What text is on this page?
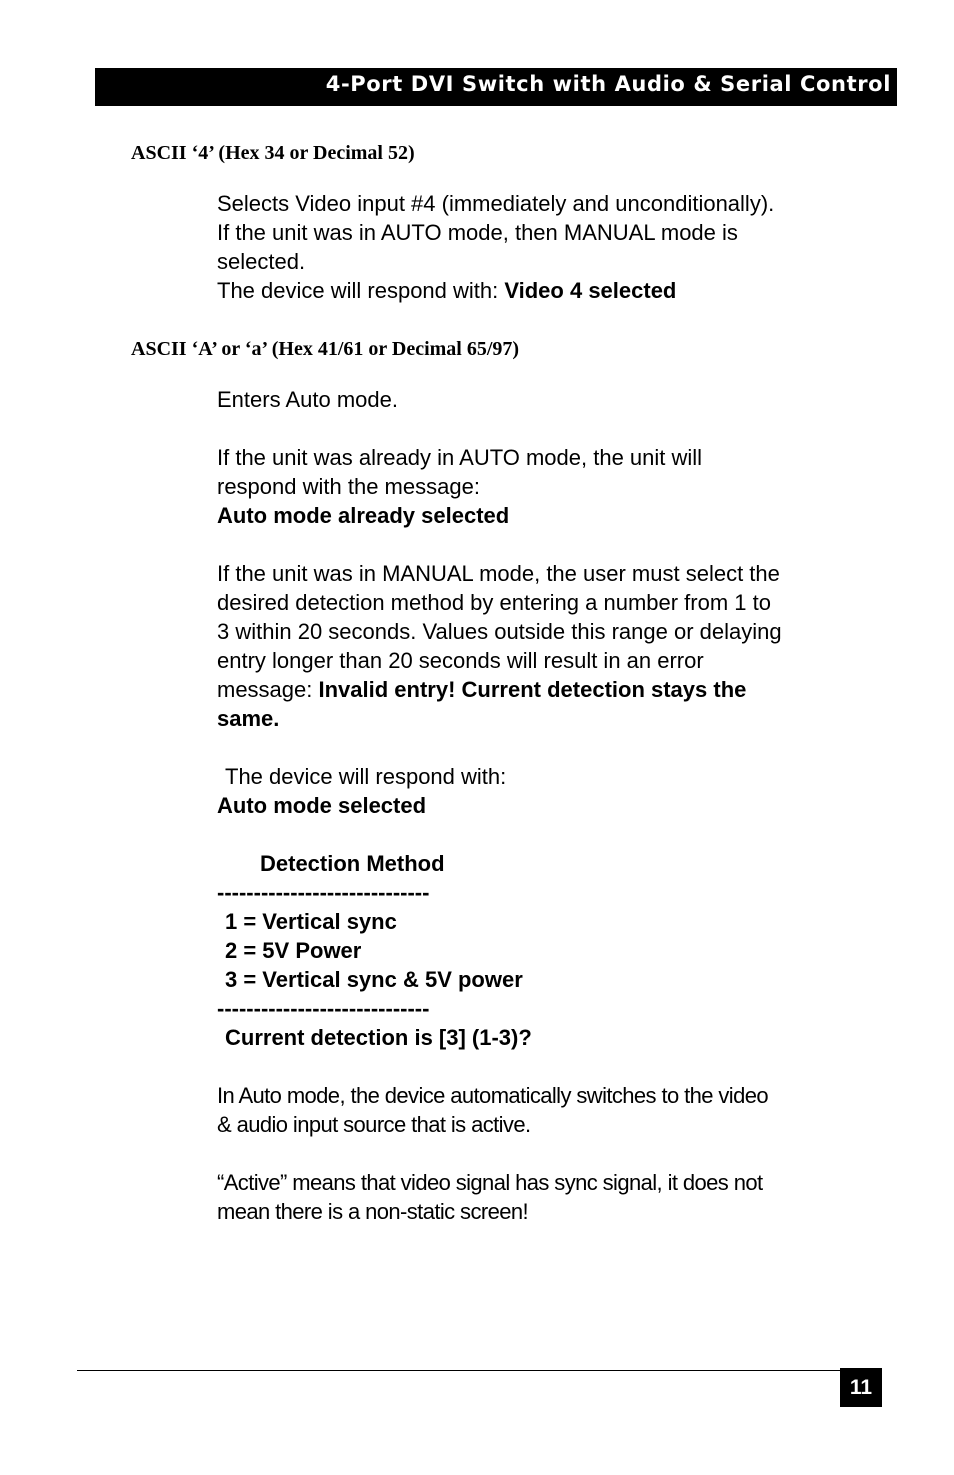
4-Port DVI Switch with Audio & Serial Control
ASCII ‘4’ (Hex 34 or Decimal 52)
Selects Video input #4 (immediately and unconditionally).
If the unit was in AUTO mode, then MANUAL mode is
selected.
The device will respond with: Video 4 selected
ASCII ‘A’ or ‘a’ (Hex 41/61 or Decimal 65/97)
Enters Auto mode.
If the unit was already in AUTO mode, the unit will
respond with the message:
Auto mode already selected
If the unit was in MANUAL mode, the user must select the
desired detection method by entering a number from 1 to
3 within 20 seconds. Values outside this range or delaying
entry longer than 20 seconds will result in an error
message: Invalid entry! Current detection stays the
same.
The device will respond with:
Auto mode selected
Detection Method
-----------------------------
1 = Vertical sync
2 = 5V Power
3 = Vertical sync & 5V power
-----------------------------
Current detection is [3] (1-3)?
In Auto mode, the device automatically switches to the video
& audio input source that is active.
“Active” means that video signal has sync signal, it does not
mean there is a non-static screen!
11
